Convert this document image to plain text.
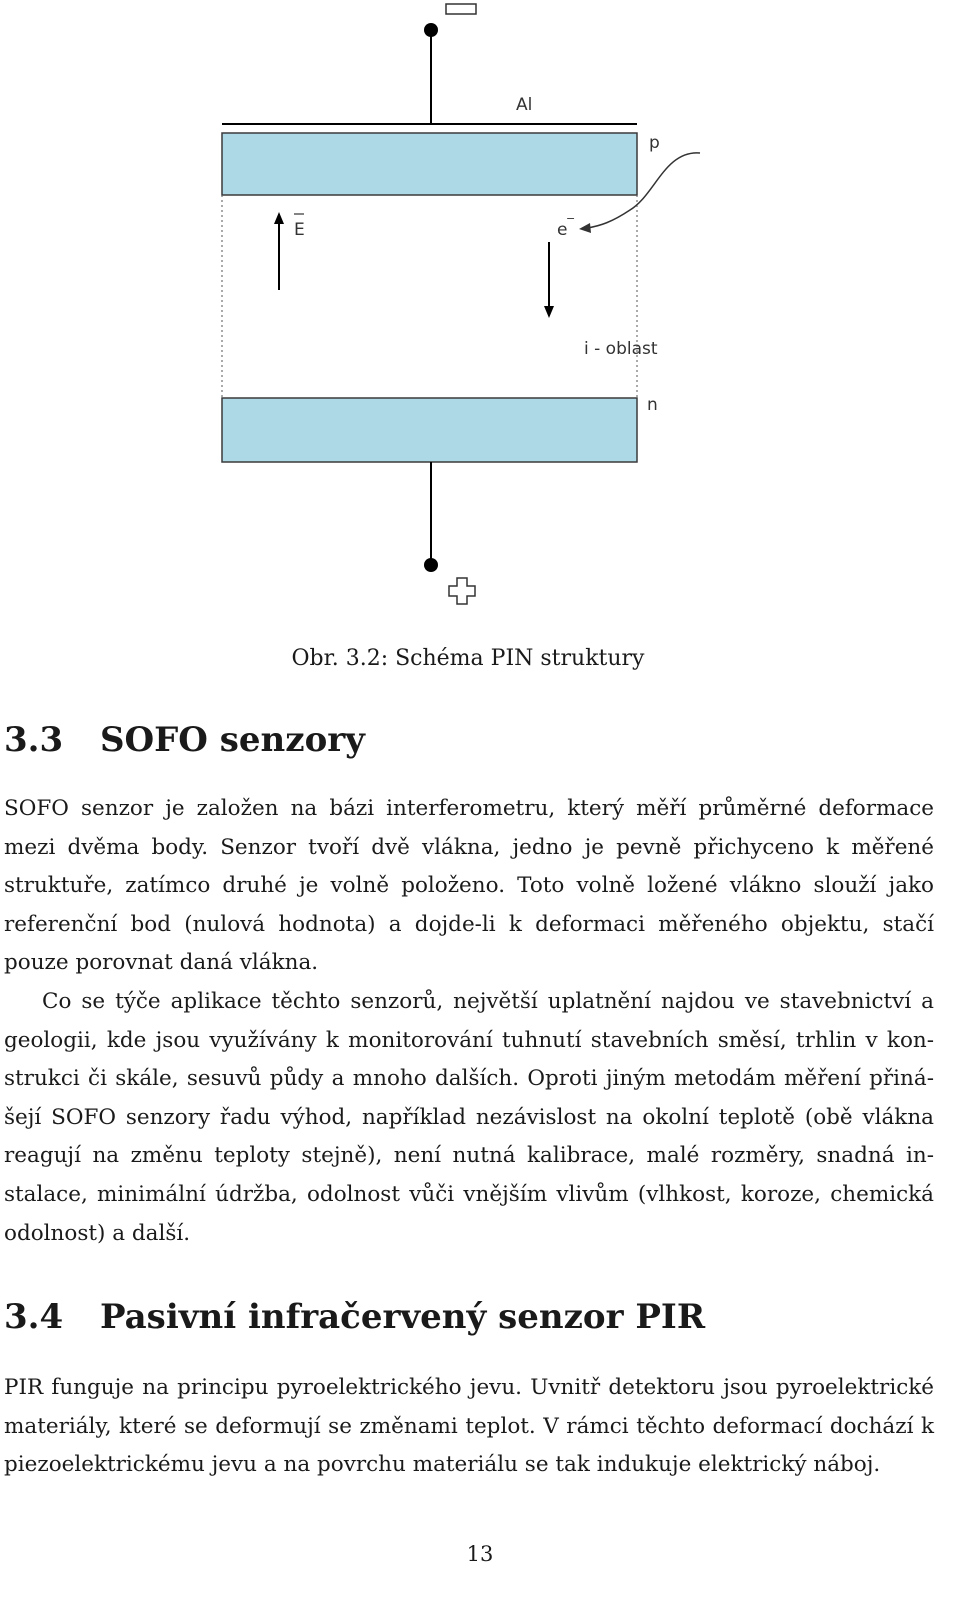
Al
p
E	e
−
i - oblast
n
Obr. 3.2: Schéma PIN struktury
3.3 SOFO senzory

SOFO senzor je založen na bázi interferometru, který měří průměrné deformace mezi dvěma body. Senzor tvoří dvě vlákna, jedno je pevně přichyceno k měřené struktuře, zatímco druhé je volně položeno. Toto volně ložené vlákno slouží jako referenční bod (nulová hodnota) a dojde-li k deformaci měřeného objektu, stačí pouze porovnat daná vlákna.

Co se týče aplikace těchto senzorů, největší uplatnění najdou ve stavebnictví a geologii, kde jsou využívány k monitorování tuhnutí stavebních směsí, trhlin v konstrukci či skále, sesuvů půdy a mnoho dalších. Oproti jiným metodám měření přinášejí SOFO senzory řadu výhod, například nezávislost na okolní teplotě (obě vlákna reagují na změnu teploty stejně), není nutná kalibrace, malé rozměry, snadná instalace, minimální údržba, odolnost vůči vnějším vlivům (vlhkost, koroze, chemická odolnost) a další.

3.4 Pasivní infračervený senzor PIR

PIR funguje na principu pyroelektrického jevu. Uvnitř detektoru jsou pyroelektrické materiály, které se deformují se změnami teplot. V rámci těchto deformací dochází k piezoelektrickému jevu a na povrchu materiálu se tak indukuje elektrický náboj.

13
